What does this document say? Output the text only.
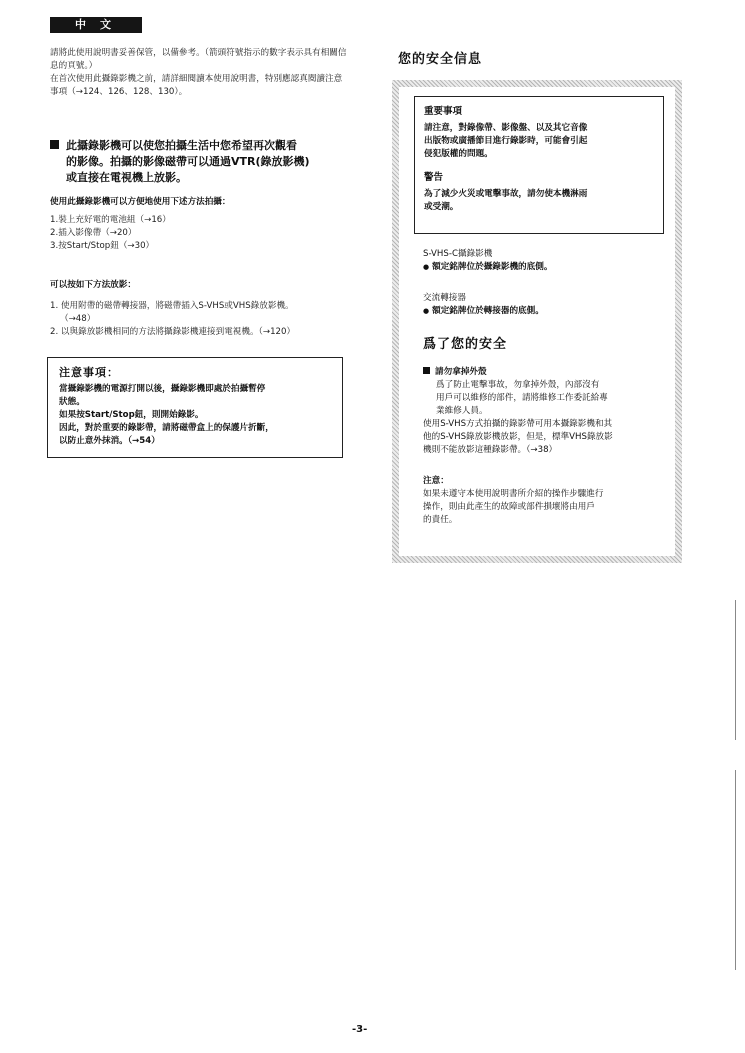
中文

請將此使用說明書妥善保管，以備參考。（箭頭符號指示的數字表示具有相關信息的頁號。）

在首次使用此攝錄影機之前，請詳細閱讀本使用說明書，特別應認真閱讀注意事項（→124、126、128、130）。

此攝錄影機可以使您拍攝生活中您希望再次觀看
的影像。拍攝的影像磁帶可以通過VTR(錄放影機)
或直接在電視機上放影。
使用此攝錄影機可以方便地使用下述方法拍攝：
1.裝上充好電的電池組（→16）
2.插入影像帶（→20）
3.按Start/Stop鈕（→30）
可以按如下方法放影：
1. 使用附帶的磁帶轉接器，將磁帶插入S-VHS或VHS錄放影機。
（→48）
2. 以與錄放影機相同的方法將攝錄影機連接到電視機。（→120）
注意事項：
當攝錄影機的電源打開以後，攝錄影機即處於拍攝暫停
狀態。
如果按Start/Stop鈕，則開始錄影。
因此，對於重要的錄影帶，請將磁帶盒上的保護片折斷，
以防止意外抹消。（→54）
您的安全信息
重要事項
請注意，對錄像帶、影像盤、以及其它音像
出版物或廣播節目進行錄影時，可能會引起
侵犯版權的問題。
警告
為了減少火災或電擊事故，請勿使本機淋雨
或受潮。
S-VHS-C攝錄影機
● 額定銘牌位於攝錄影機的底側。
交流轉接器
● 額定銘牌位於轉接器的底側。
爲了您的安全
請勿拿掉外殼
爲了防止電擊事故，勿拿掉外殼，內部沒有
用戶可以維修的部件，請將維修工作委託給專
業維修人員。
使用S-VHS方式拍攝的錄影帶可用本攝錄影機和其
他的S-VHS錄放影機放影，但是，標準VHS錄放影
機則不能放影這種錄影帶。（→38）
注意：
如果未遵守本使用說明書所介紹的操作步驟進行
操作，則由此產生的故障或部件損壞將由用戶
的責任。
-3-
